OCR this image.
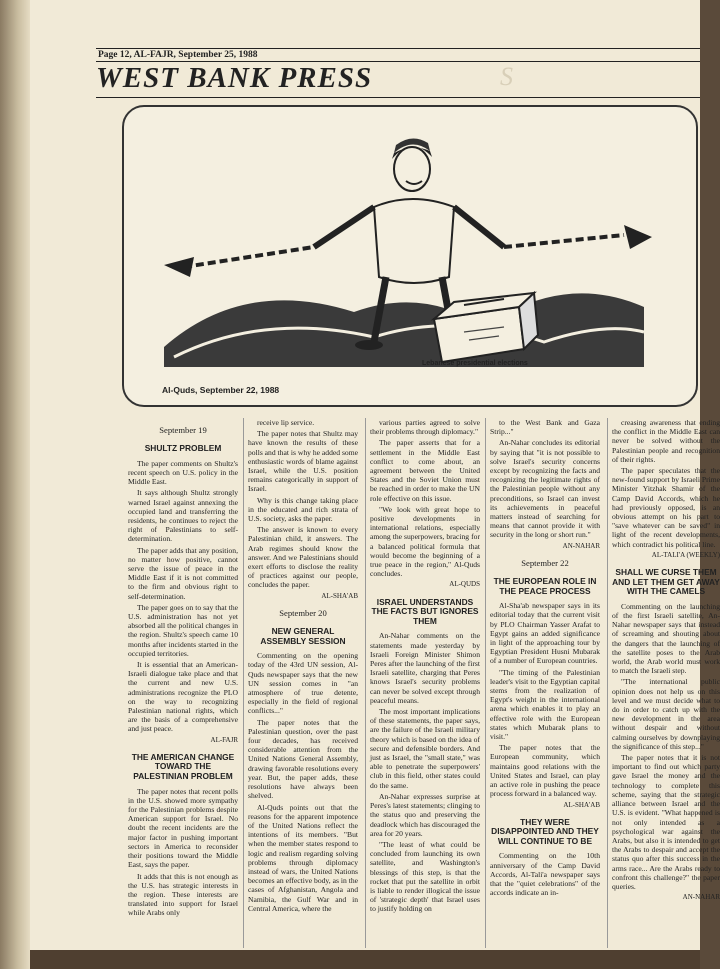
S
Page 12, AL-FAJR, September 25, 1988
WEST BANK PRESS
Lebanese presidential elections
Al-Quds, September 22, 1988
September 19
SHULTZ PROBLEM

The paper comments on Shultz's recent speech on U.S. policy in the Middle East.

It says although Shultz strongly warned Israel against annexing the occupied land and transferring the residents, he continues to reject the right of Palestinians to self-determination.

The paper adds that any position, no matter how positive, cannot serve the issue of peace in the Middle East if it is not committed to the firm and obvious right to self-determination.

The paper goes on to say that the U.S. administration has not yet absorbed all the political changes in the region. Shultz's speech came 10 months after incidents started in the occupied territories.

It is essential that an American-Israeli dialogue take place and that the current and new U.S. administrations recognize the PLO on the way to recognizing Palestinian national rights, which are the basis of a comprehensive and just peace.

AL-FAJR

THE AMERICAN CHANGE TOWARD THE PALESTINIAN PROBLEM

The paper notes that recent polls in the U.S. showed more sympathy for the Palestinian problems despite American support for Israel. No doubt the recent incidents are the major factor in pushing important sectors in America to reconsider their positions toward the Middle East, says the paper.

It adds that this is not enough as the U.S. has strategic interests in the region. These interests are translated into support for Israel while Arabs only

receive lip service.

The paper notes that Shultz may have known the results of these polls and that is why he added some enthusiastic words of blame against Israel, while the U.S. position remains categorically in support of Israel.

Why is this change taking place in the educated and rich strata of U.S. society, asks the paper.

The answer is known to every Palestinian child, it answers. The Arab regimes should know the answer. And we Palestinians should exert efforts to disclose the reality of practices against our people, concludes the paper.

AL-SHA'AB

September 20
NEW GENERAL ASSEMBLY SESSION

Commenting on the opening today of the 43rd UN session, Al-Quds newspaper says that the new UN session comes in "an atmosphere of true detente, especially in the field of regional conflicts..."

The paper notes that the Palestinian question, over the past four decades, has received considerable attention from the United Nations General Assembly, drawing favorable resolutions every year. But, the paper adds, these resolutions have always been shelved.

Al-Quds points out that the reasons for the apparent impotence of the United Nations reflect the intentions of its members. "But when the member states respond to logic and realism regarding solving problems through diplomacy instead of wars, the United Nations becomes an effective body, as in the cases of Afghanistan, Angola and Namibia, the Gulf War and in Central America, where the

various parties agreed to solve their problems through diplomacy."

The paper asserts that for a settlement in the Middle East conflict to come about, an agreement between the United States and the Soviet Union must be reached in order to make the UN role effective on this issue.

"We look with great hope to positive developments in international relations, especially among the superpowers, bracing for a balanced political formula that would become the beginning of a true peace in the region," Al-Quds concludes.

AL-QUDS

ISRAEL UNDERSTANDS THE FACTS BUT IGNORES THEM

An-Nahar comments on the statements made yesterday by Israeli Foreign Minister Shimon Peres after the launching of the first Israeli satellite, charging that Peres knows Israel's security problems can never be solved except through peaceful means.

The most important implications of these statements, the paper says, are the failure of the Israeli military theory which is based on the idea of secure and defensible borders. And just as Israel, the "small state," was able to penetrate the superpowers' club in this field, other states could do the same.

An-Nahar expresses surprise at Peres's latest statements; clinging to the status quo and preserving the deadlock which has discouraged the area for 20 years.

"The least of what could be concluded from launching its own satellite, and Washington's blessings of this step, is that the rocket that put the satellite in orbit is liable to render illogical the issue of 'strategic depth' that Israel uses to justify holding on

to the West Bank and Gaza Strip..."

An-Nahar concludes its editorial by saying that "it is not possible to solve Israel's security concerns except by recognizing the facts and recognizing the legitimate rights of the Palestinian people without any preconditions, so Israel can invest its achievements in peaceful matters instead of searching for means that cannot provide it with security in the long or short run."

AN-NAHAR

September 22
THE EUROPEAN ROLE IN THE PEACE PROCESS

Al-Sha'ab newspaper says in its editorial today that the current visit by PLO Chairman Yasser Arafat to Egypt gains an added significance in light of the approaching tour by Egyptian President Husni Mubarak of a number of European countries.

"The timing of the Palestinian leader's visit to the Egyptian capital stems from the realization of Egypt's weight in the international arena which enables it to play an effective role with the European states which Mubarak plans to visit."

The paper notes that the European community, which maintains good relations with the United States and Israel, can play an active role in pushing the peace process forward in a balanced way.

AL-SHA'AB

THEY WERE DISAPPOINTED AND THEY WILL CONTINUE TO BE

Commenting on the 10th anniversary of the Camp David Accords, Al-Tali'a newspaper says that the "quiet celebrations" of the accords indicate an in-

creasing awareness that ending the conflict in the Middle East can never be solved without the Palestinian people and recognition of their rights.

The paper speculates that the new-found support by Israeli Prime Minister Yitzhak Shamir of the Camp David Accords, which he had previously opposed, is an obvious attempt on his part to "save whatever can be saved" in light of the recent developments, which contradict his political line.

AL-TALI'A (WEEKLY)

SHALL WE CURSE THEM AND LET THEM GET AWAY WITH THE CAMELS

Commenting on the launching of the first Israeli satellite, An-Nahar newspaper says that instead of screaming and shouting about the dangers that the launching of the satellite poses to the Arab world, the Arab world must work to match the Israeli step.

"The international public opinion does not help us on this level and we must decide what to do in order to catch up with the new development in the area without despair and without calming ourselves by downplaying the significance of this step..."

The paper notes that it is not important to find out which party gave Israel the money and the technology to complete this scheme, saying that the strategic alliance between Israel and the U.S. is evident. "What happened is not only intended as a psychological war against the Arabs, but also it is intended to get the Arabs to despair and accept the status quo after this success in the arms race... Are the Arabs ready to confront this challenge?" the paper queries.

AN-NAHAR
